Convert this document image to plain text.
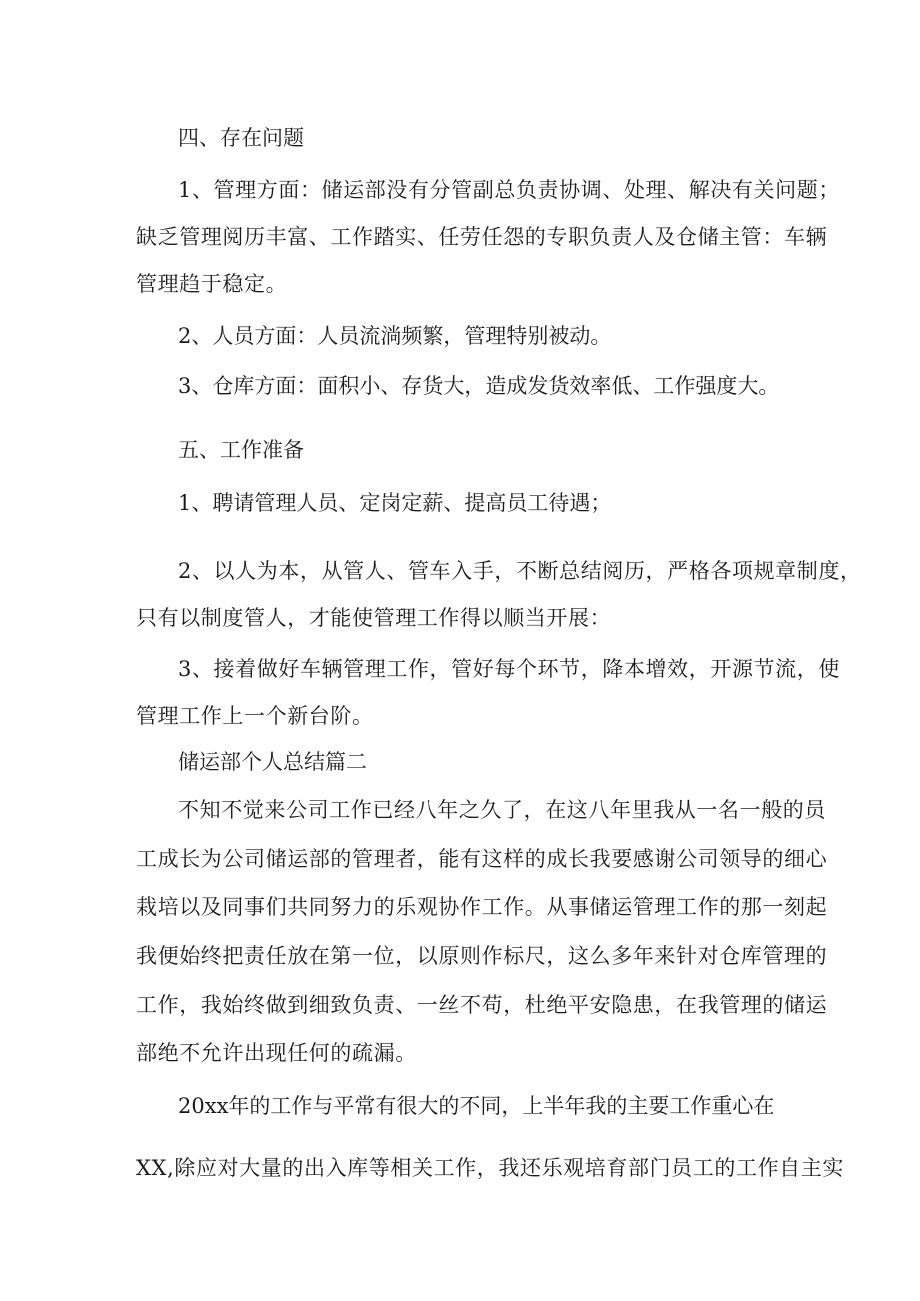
四、存在问题

1、管理方面：储运部没有分管副总负责协调、处理、解决有关问题；

缺乏管理阅历丰富、工作踏实、任劳任怨的专职负责人及仓储主管：车辆

管理趋于稳定。

2、人员方面：人员流淌频繁，管理特别被动。

3、仓库方面：面积小、存货大，造成发货效率低、工作强度大。

五、工作准备

1、聘请管理人员、定岗定薪、提高员工待遇；

2、以人为本，从管人、管车入手，不断总结阅历，严格各项规章制度，

只有以制度管人，才能使管理工作得以顺当开展：

3、接着做好车辆管理工作，管好每个环节，降本增效，开源节流，使

管理工作上一个新台阶。

储运部个人总结篇二

不知不觉来公司工作已经八年之久了，在这八年里我从一名一般的员

工成长为公司储运部的管理者，能有这样的成长我要感谢公司领导的细心

栽培以及同事们共同努力的乐观协作工作。从事储运管理工作的那一刻起

我便始终把责任放在第一位，以原则作标尺，这么多年来针对仓库管理的

工作，我始终做到细致负责、一丝不苟，杜绝平安隐患，在我管理的储运

部绝不允许出现任何的疏漏。

20xx年的工作与平常有很大的不同，上半年我的主要工作重心在

XX,除应对大量的出入库等相关工作，我还乐观培育部门员工的工作自主实
